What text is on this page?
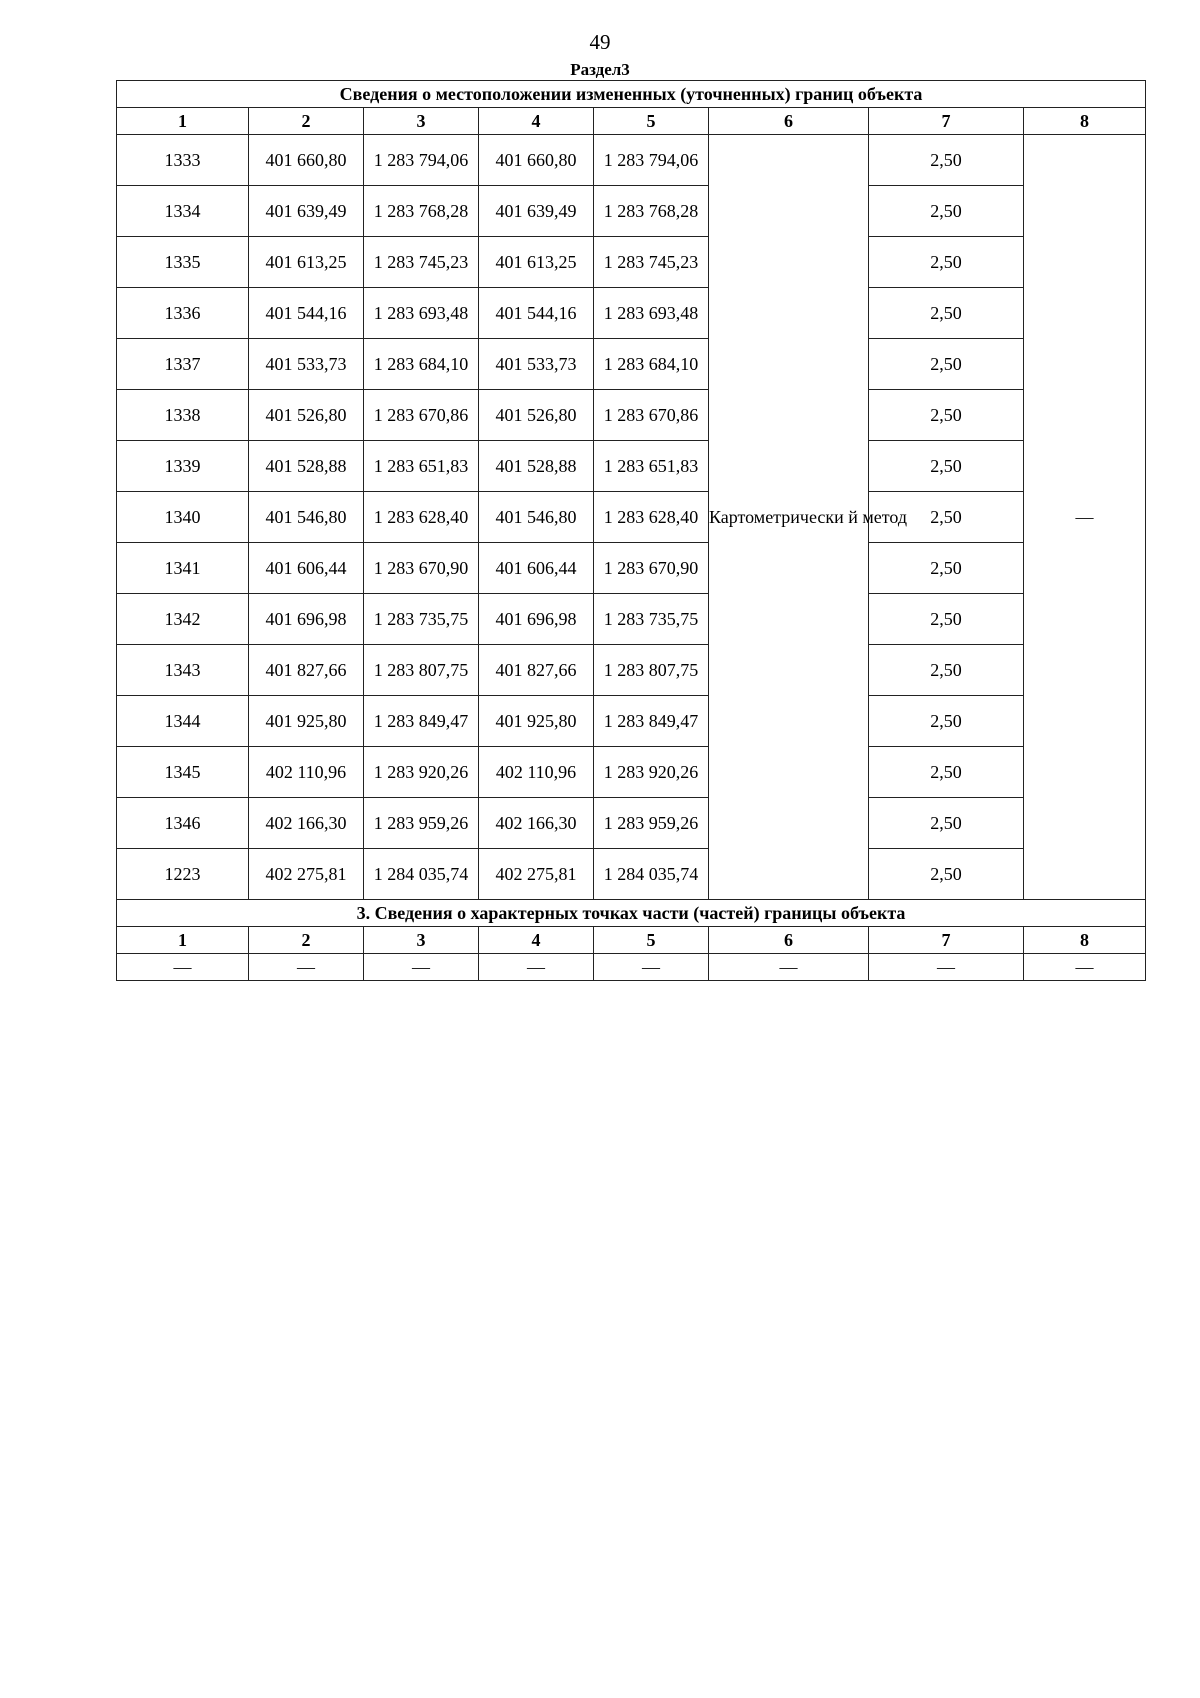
49
Раздел3
Сведения о местоположении измененных (уточненных) границ объекта							
1	2	3	4	5	6	7	8
1333	401 660,80	1 283 794,06	401 660,80	1 283 794,06	Картометрически й метод	2,50	—
1334	401 639,49	1 283 768,28	401 639,49	1 283 768,28		2,50	
1335	401 613,25	1 283 745,23	401 613,25	1 283 745,23		2,50	
1336	401 544,16	1 283 693,48	401 544,16	1 283 693,48		2,50	
1337	401 533,73	1 283 684,10	401 533,73	1 283 684,10		2,50	
1338	401 526,80	1 283 670,86	401 526,80	1 283 670,86		2,50	
1339	401 528,88	1 283 651,83	401 528,88	1 283 651,83		2,50	
1340	401 546,80	1 283 628,40	401 546,80	1 283 628,40		2,50	
1341	401 606,44	1 283 670,90	401 606,44	1 283 670,90		2,50	
1342	401 696,98	1 283 735,75	401 696,98	1 283 735,75		2,50	
1343	401 827,66	1 283 807,75	401 827,66	1 283 807,75		2,50	
1344	401 925,80	1 283 849,47	401 925,80	1 283 849,47		2,50	
1345	402 110,96	1 283 920,26	402 110,96	1 283 920,26		2,50	
1346	402 166,30	1 283 959,26	402 166,30	1 283 959,26		2,50	
1223	402 275,81	1 284 035,74	402 275,81	1 284 035,74		2,50	
3. Сведения о характерных точках части (частей) границы объекта							
1	2	3	4	5	6	7	8
—	—	—	—	—	—	—	—
